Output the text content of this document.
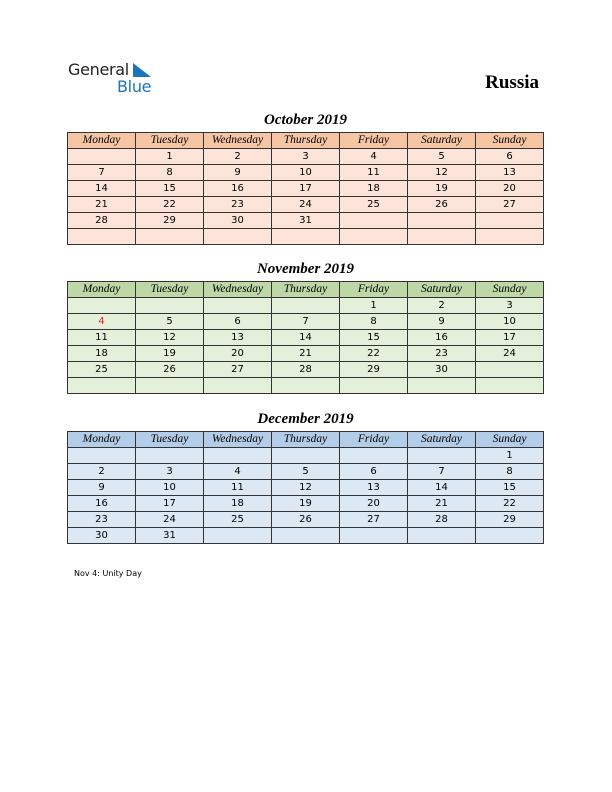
General
Blue	Russia
October 2019
Monday	Tuesday	Wednesday	Thursday	Friday	Saturday	Sunday
	1	2	3	4	5	6
7	8	9	10	11	12	13
14	15	16	17	18	19	20
21	22	23	24	25	26	27
28	29	30	31			

November 2019
Monday	Tuesday	Wednesday	Thursday	Friday	Saturday	Sunday
				1	2	3
4	5	6	7	8	9	10
11	12	13	14	15	16	17
18	19	20	21	22	23	24
25	26	27	28	29	30	

December 2019
Monday	Tuesday	Wednesday	Thursday	Friday	Saturday	Sunday
						1
2	3	4	5	6	7	8
9	10	11	12	13	14	15
16	17	18	19	20	21	22
23	24	25	26	27	28	29
30	31					
Nov 4: Unity Day
